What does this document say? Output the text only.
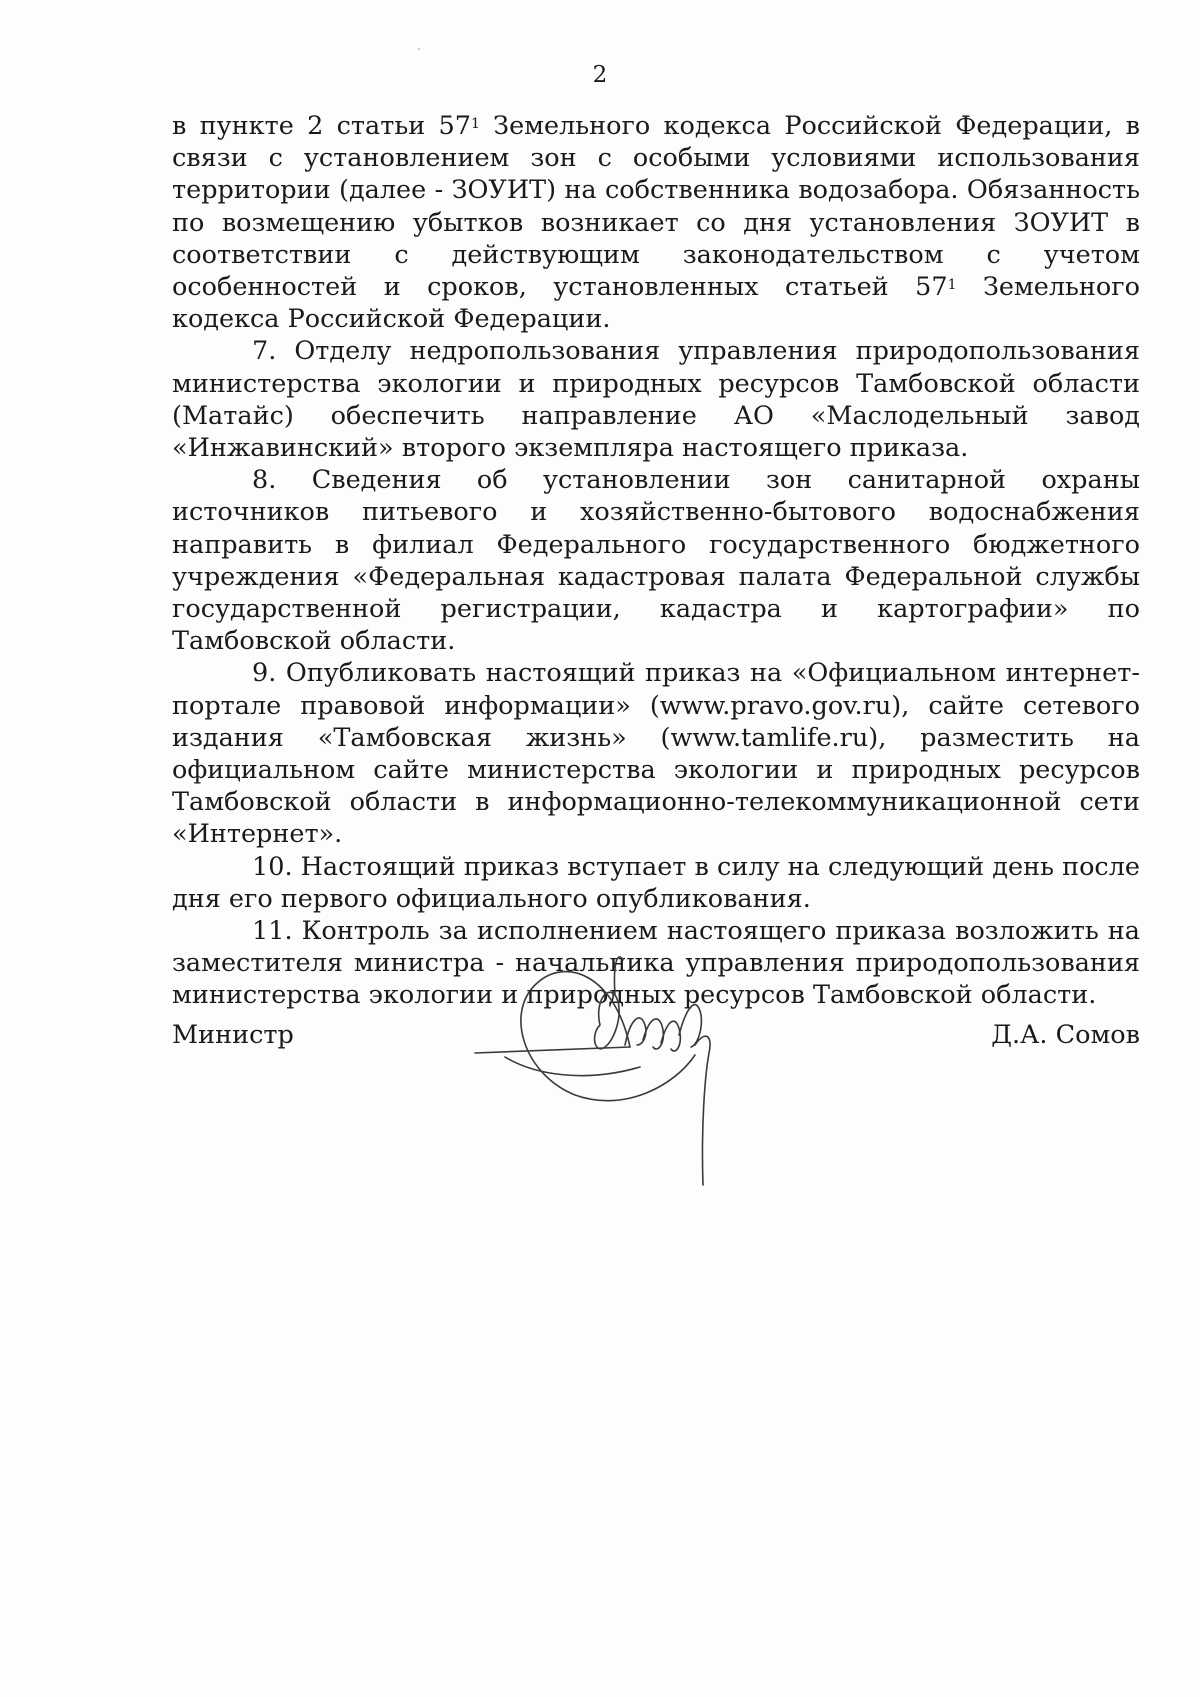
2

в пункте 2 статьи $57^1$ Земельного кодекса Российской Федерации, в связи с установлением зон с особыми условиями использования территории (далее - ЗОУИТ) на собственника водозабора. Обязанность по возмещению убытков возникает со дня установления ЗОУИТ в соответствии с действующим законодательством с учетом особенностей и сроков, установленных статьей $57^1$ Земельного кодекса Российской Федерации.

7. Отделу недропользования управления природопользования министерства экологии и природных ресурсов Тамбовской области (Матайс) обеспечить направление АО «Маслодельный завод «Инжавинский» второго экземпляра настоящего приказа.

8. Сведения об установлении зон санитарной охраны источников питьевого и хозяйственно-бытового водоснабжения направить в филиал Федерального государственного бюджетного учреждения «Федеральная кадастровая палата Федеральной службы государственной регистрации, кадастра и картографии» по Тамбовской области.

9. Опубликовать настоящий приказ на «Официальном интернет-портале правовой информации» (www.pravo.gov.ru), сайте сетевого издания «Тамбовская жизнь» (www.tamlife.ru), разместить на официальном сайте министерства экологии и природных ресурсов Тамбовской области в информационно-телекоммуникационной сети «Интернет».

10. Настоящий приказ вступает в силу на следующий день после дня его первого официального опубликования.

11. Контроль за исполнением настоящего приказа возложить на заместителя министра - начальника управления природопользования министерства экологии и природных ресурсов Тамбовской области.

Министр	Д.А. Сомов
